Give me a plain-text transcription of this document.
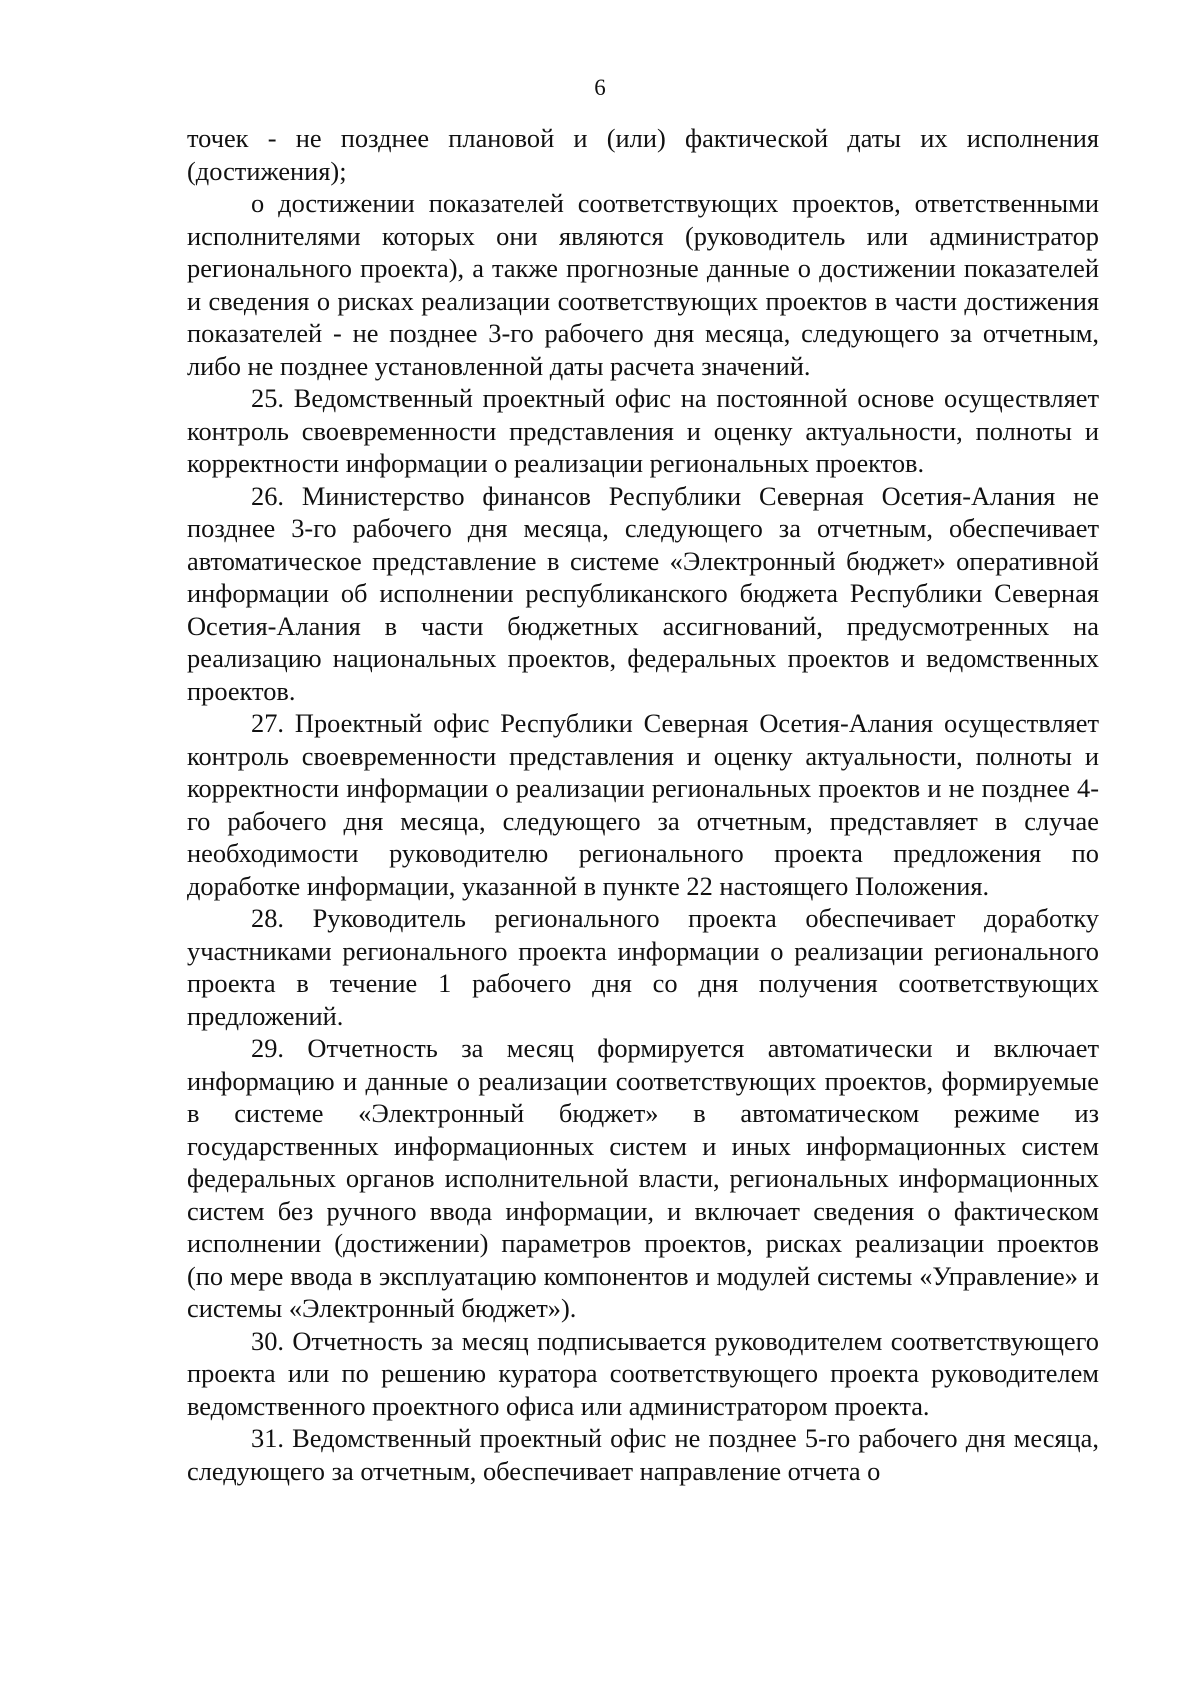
6

точек - не позднее плановой и (или) фактической даты их исполнения (достижения);

о достижении показателей соответствующих проектов, ответственными исполнителями которых они являются (руководитель или администратор регионального проекта), а также прогнозные данные о достижении показателей и сведения о рисках реализации соответствующих проектов в части достижения показателей - не позднее 3-го рабочего дня месяца, следующего за отчетным, либо не позднее установленной даты расчета значений.

25. Ведомственный проектный офис на постоянной основе осуществляет контроль своевременности представления и оценку актуальности, полноты и корректности информации о реализации региональных проектов.

26. Министерство финансов Республики Северная Осетия-Алания не позднее 3-го рабочего дня месяца, следующего за отчетным, обеспечивает автоматическое представление в системе «Электронный бюджет» оперативной информации об исполнении республиканского бюджета Республики Северная Осетия-Алания в части бюджетных ассигнований, предусмотренных на реализацию национальных проектов, федеральных проектов и ведомственных проектов.

27. Проектный офис Республики Северная Осетия-Алания осуществляет контроль своевременности представления и оценку актуальности, полноты и корректности информации о реализации региональных проектов и не позднее 4-го рабочего дня месяца, следующего за отчетным, представляет в случае необходимости руководителю регионального проекта предложения по доработке информации, указанной в пункте 22 настоящего Положения.

28. Руководитель регионального проекта обеспечивает доработку участниками регионального проекта информации о реализации регионального проекта в течение 1 рабочего дня со дня получения соответствующих предложений.

29. Отчетность за месяц формируется автоматически и включает информацию и данные о реализации соответствующих проектов, формируемые в системе «Электронный бюджет» в автоматическом режиме из государственных информационных систем и иных информационных систем федеральных органов исполнительной власти, региональных информационных систем без ручного ввода информации, и включает сведения о фактическом исполнении (достижении) параметров проектов, рисках реализации проектов (по мере ввода в эксплуатацию компонентов и модулей системы «Управление» и системы «Электронный бюджет»).

30. Отчетность за месяц подписывается руководителем соответствующего проекта или по решению куратора соответствующего проекта руководителем ведомственного проектного офиса или администратором проекта.

31. Ведомственный проектный офис не позднее 5-го рабочего дня месяца, следующего за отчетным, обеспечивает направление отчета о
